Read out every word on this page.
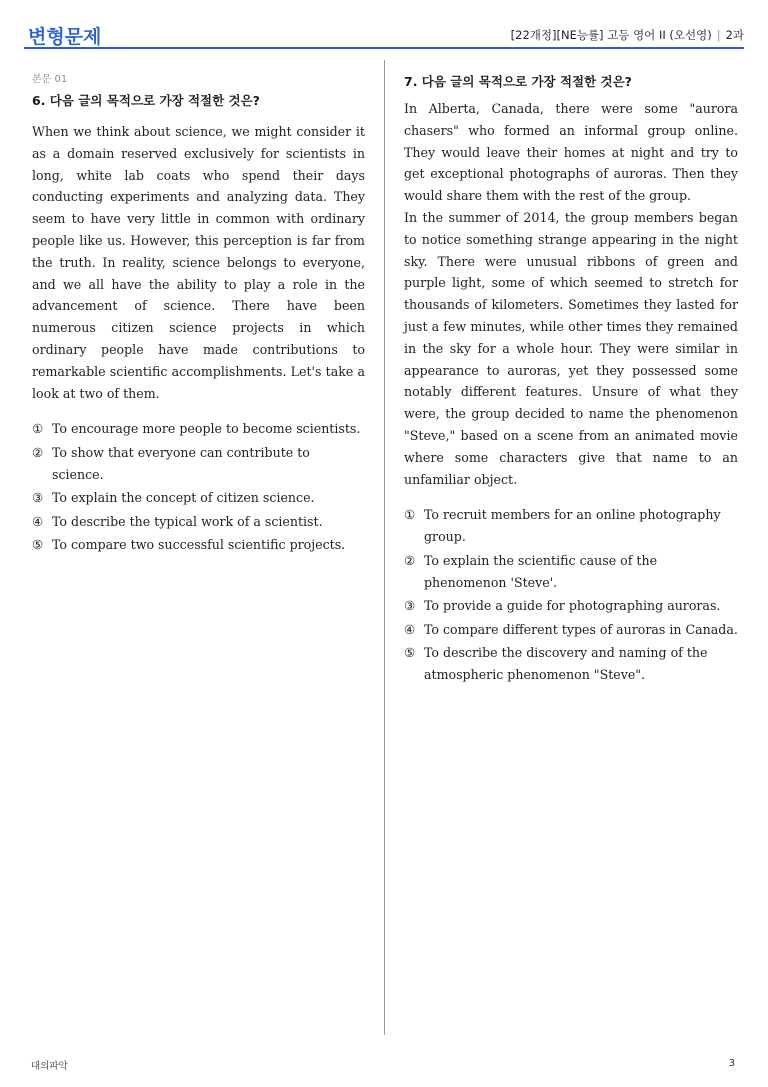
변형문제	[22개정][NE능률] 고등 영어 II (오선영) | 2과
본문 01
6. 다음 글의 목적으로 가장 적절한 것은?

When we think about science, we might consider it as a domain reserved exclusively for scientists in long, white lab coats who spend their days conducting experiments and analyzing data. They seem to have very little in common with ordinary people like us. However, this perception is far from the truth. In reality, science belongs to everyone, and we all have the ability to play a role in the advancement of science. There have been numerous citizen science projects in which ordinary people have made contributions to remarkable scientific accomplishments. Let's take a look at two of them.

① To encourage more people to become scientists.
② To show that everyone can contribute to science.
③ To explain the concept of citizen science.
④ To describe the typical work of a scientist.
⑤ To compare two successful scientific projects.
7. 다음 글의 목적으로 가장 적절한 것은?

In Alberta, Canada, there were some "aurora chasers" who formed an informal group online. They would leave their homes at night and try to get exceptional photographs of auroras. Then they would share them with the rest of the group.

In the summer of 2014, the group members began to notice something strange appearing in the night sky. There were unusual ribbons of green and purple light, some of which seemed to stretch for thousands of kilometers. Sometimes they lasted for just a few minutes, while other times they remained in the sky for a whole hour. They were similar in appearance to auroras, yet they possessed some notably different features. Unsure of what they were, the group decided to name the phenomenon "Steve," based on a scene from an animated movie where some characters give that name to an unfamiliar object.

① To recruit members for an online photography group.
② To explain the scientific cause of the phenomenon 'Steve'.
③ To provide a guide for photographing auroras.
④ To compare different types of auroras in Canada.
⑤ To describe the discovery and naming of the atmospheric phenomenon "Steve".
대의파악	3
